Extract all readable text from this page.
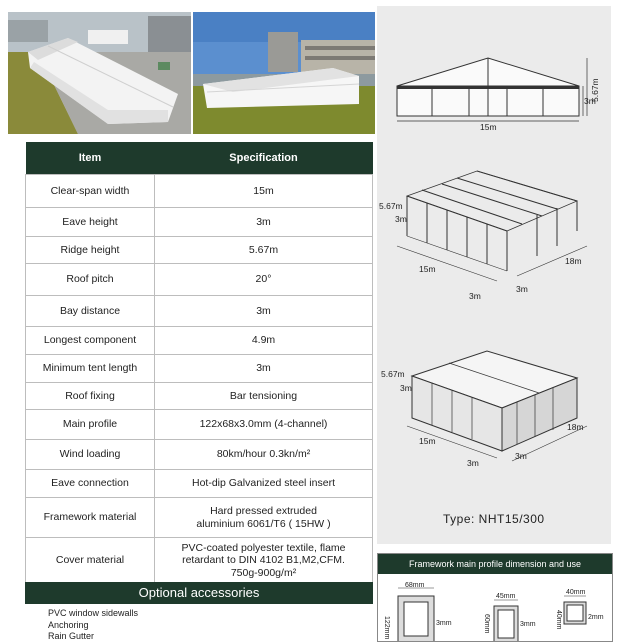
Item	Specification
Clear-span width	15m
Eave height	3m
Ridge height	5.67m
Roof pitch	20°
Bay distance	3m
Longest component	4.9m
Minimum tent length	3m
Roof fixing	Bar tensioning
Main profile	122x68x3.0mm (4-channel)
Wind loading	80km/hour 0.3kn/m²
Eave connection	Hot-dip Galvanized steel insert
Framework material	Hard pressed extruded
aluminium 6061/T6 ( 15HW )
Cover material	PVC-coated polyester textile, flame
retardant to DIN 4102 B1,M2,CFM.
750g-900g/m²
Optional accessories
PVC window sidewalls
Anchoring
Rain Gutter
15m
5.67m
3m
5.67m
3m
15m
18m
3m
3m
5.67m
3m
15m
18m
3m
3m
Type: NHT15/300
Framework main profile dimension and use
68mm
122mm	3mm
45mm
60mm	3mm
40mm
40mm	2mm
